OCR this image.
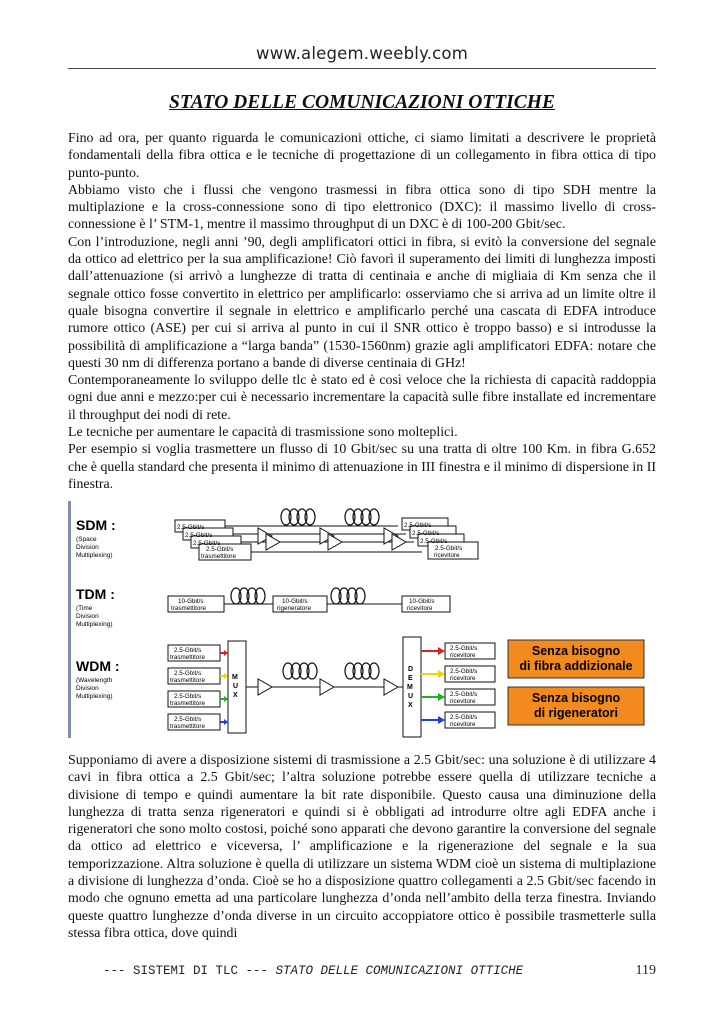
www.alegem.weebly.com
STATO DELLE COMUNICAZIONI OTTICHE

Fino ad ora, per quanto riguarda le comunicazioni ottiche, ci siamo limitati a descrivere le proprietà fondamentali della fibra ottica e le tecniche di progettazione di un collegamento in fibra ottica di tipo punto-punto.

Abbiamo visto che i flussi che vengono trasmessi in fibra ottica sono di tipo SDH mentre la multiplazione e la cross-connessione sono di tipo elettronico (DXC): il massimo livello di cross-connessione è l’ STM-1, mentre il massimo throughput di un DXC è di 100-200 Gbit/sec.

Con l’introduzione, negli anni ’90, degli amplificatori ottici in fibra, si evitò la conversione del segnale da ottico ad elettrico per la sua amplificazione! Ciò favorì il superamento dei limiti di lunghezza imposti dall’attenuazione (si arrivò a lunghezze di tratta di centinaia e anche di migliaia di Km senza che il segnale ottico fosse convertito in elettrico per amplificarlo: osserviamo che si arriva ad un limite oltre il quale bisogna convertire il segnale in elettrico e amplificarlo perché una cascata di EDFA introduce rumore ottico (ASE) per cui si arriva al punto in cui il SNR ottico è troppo basso) e si introdusse la possibilità di amplificazione a “larga banda” (1530-1560nm) grazie agli amplificatori EDFA: notare che questi 30 nm di differenza portano a bande di diverse centinaia di GHz!

Contemporaneamente lo sviluppo delle tlc è stato ed è così veloce che la richiesta di capacità raddoppia ogni due anni e mezzo:per cui è necessario incrementare la capacità sulle fibre installate ed incrementare il throughput dei nodi di rete.

Le tecniche per aumentare le capacità di trasmissione sono molteplici.

Per esempio si voglia trasmettere un flusso di 10 Gbit/sec su una tratta di oltre 100 Km. in fibra G.652 che è quella standard che presenta il minimo di attenuazione in III finestra e il minimo di dispersione in II finestra.

SDM :
(Space
Division
Multiplexing)
2.5-Gbit/s
2.5-Gbit/s
2.5-Gbit/s
2.5-Gbit/s
trasmettitore
2.5-Gbit/s
2.5-Gbit/s
2.5-Gbit/s
2.5-Gbit/s
ricevitore
TDM :
(Time
Division
Multiplexing)
10-Gbit/s
trasmettitore
10-Gbit/s
rigeneratore
10-Gbit/s
ricevitore
WDM :
(Wavelength
Division
Multiplexing)
2.5-Gbit/s
trasmettitore
2.5-Gbit/s
trasmettitore
2.5-Gbit/s
trasmettitore
2.5-Gbit/s
trasmettitore
M
U
X
D
E
M
U
X
2.5-Gbit/s
ricevitore
2.5-Gbit/s
ricevitore
2.5-Gbit/s
ricevitore
2.5-Gbit/s
ricevitore
Senza bisogno
di fibra addizionale
Senza bisogno
di rigeneratori

Supponiamo di avere a disposizione sistemi di trasmissione a 2.5 Gbit/sec: una soluzione è di utilizzare 4 cavi in fibra ottica a 2.5 Gbit/sec; l’altra soluzione potrebbe essere quella di utilizzare tecniche a divisione di tempo e quindi aumentare la bit rate disponibile. Questo causa una diminuzione della lunghezza di tratta senza rigeneratori e quindi si è obbligati ad introdurre oltre agli EDFA anche i rigeneratori che sono molto costosi, poiché sono apparati che devono garantire la conversione del segnale da ottico ad elettrico e viceversa, l’ amplificazione e la rigenerazione del segnale e la sua temporizzazione. Altra soluzione è quella di utilizzare un sistema WDM cioè un sistema di multiplazione a divisione di lunghezza d’onda. Cioè se ho a disposizione quattro collegamenti a 2.5 Gbit/sec facendo in modo che ognuno emetta ad una particolare lunghezza d’onda nell’ambito della terza finestra. Inviando queste quattro lunghezze d’onda diverse in un circuito accoppiatore ottico è possibile trasmetterle sulla stessa fibra ottica, dove quindi

--- SISTEMI DI TLC --- STATO DELLE COMUNICAZIONI OTTICHE	119
